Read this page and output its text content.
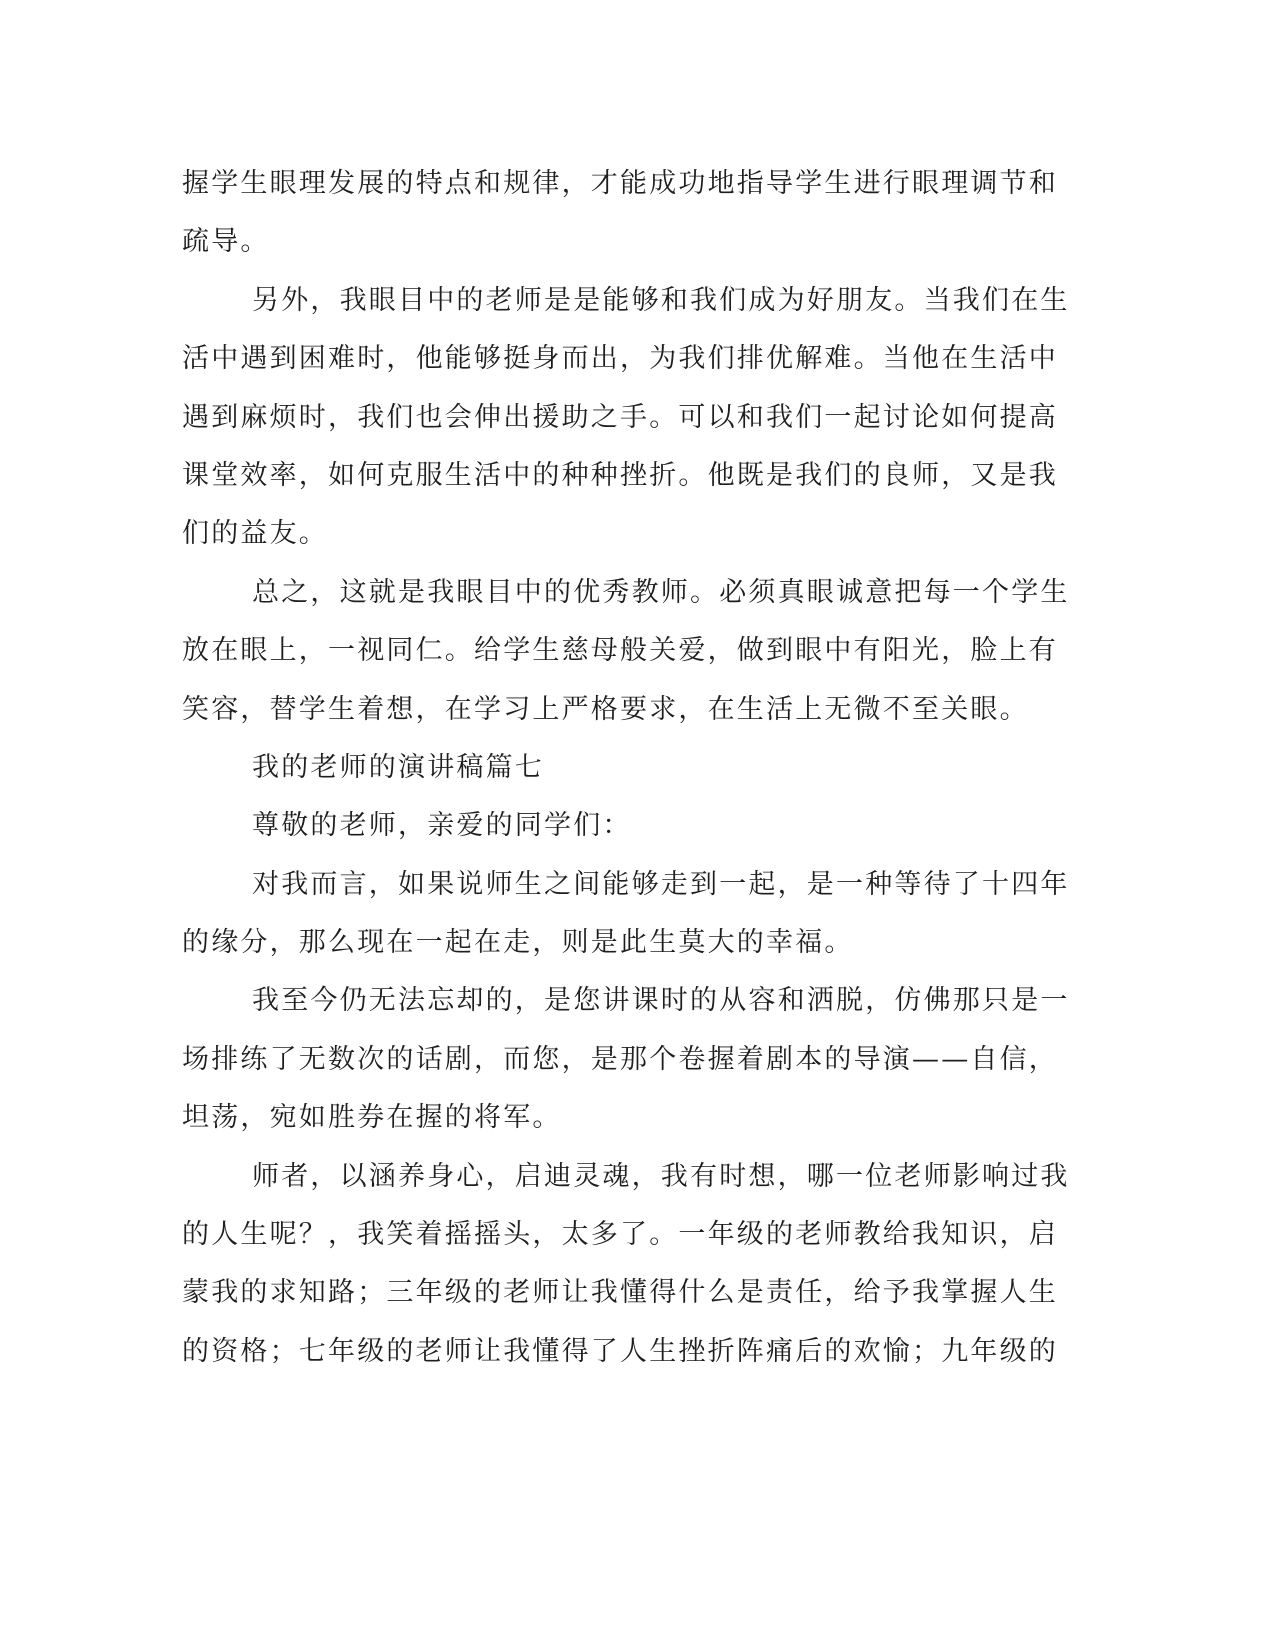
握学生眼理发展的特点和规律，才能成功地指导学生进行眼理调节和
疏导。
另外，我眼目中的老师是是能够和我们成为好朋友。当我们在生
活中遇到困难时，他能够挺身而出，为我们排优解难。当他在生活中
遇到麻烦时，我们也会伸出援助之手。可以和我们一起讨论如何提高
课堂效率，如何克服生活中的种种挫折。他既是我们的良师，又是我
们的益友。
总之，这就是我眼目中的优秀教师。必须真眼诚意把每一个学生
放在眼上，一视同仁。给学生慈母般关爱，做到眼中有阳光，脸上有
笑容，替学生着想，在学习上严格要求，在生活上无微不至关眼。
我的老师的演讲稿篇七
尊敬的老师，亲爱的同学们：
对我而言，如果说师生之间能够走到一起，是一种等待了十四年
的缘分，那么现在一起在走，则是此生莫大的幸福。
我至今仍无法忘却的，是您讲课时的从容和洒脱，仿佛那只是一
场排练了无数次的话剧，而您，是那个卷握着剧本的导演——自信，
坦荡，宛如胜券在握的将军。
师者，以涵养身心，启迪灵魂，我有时想，哪一位老师影响过我
的人生呢？，我笑着摇摇头，太多了。一年级的老师教给我知识，启
蒙我的求知路；三年级的老师让我懂得什么是责任，给予我掌握人生
的资格；七年级的老师让我懂得了人生挫折阵痛后的欢愉；九年级的
